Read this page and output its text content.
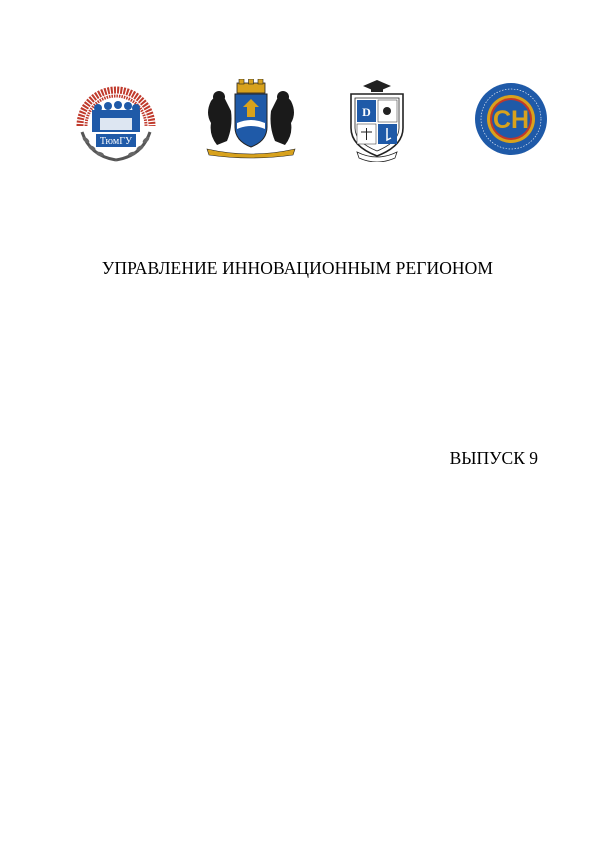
ТюмГУ
D	СН
УПРАВЛЕНИЕ ИННОВАЦИОННЫМ РЕГИОНОМ
ВЫПУСК 9
